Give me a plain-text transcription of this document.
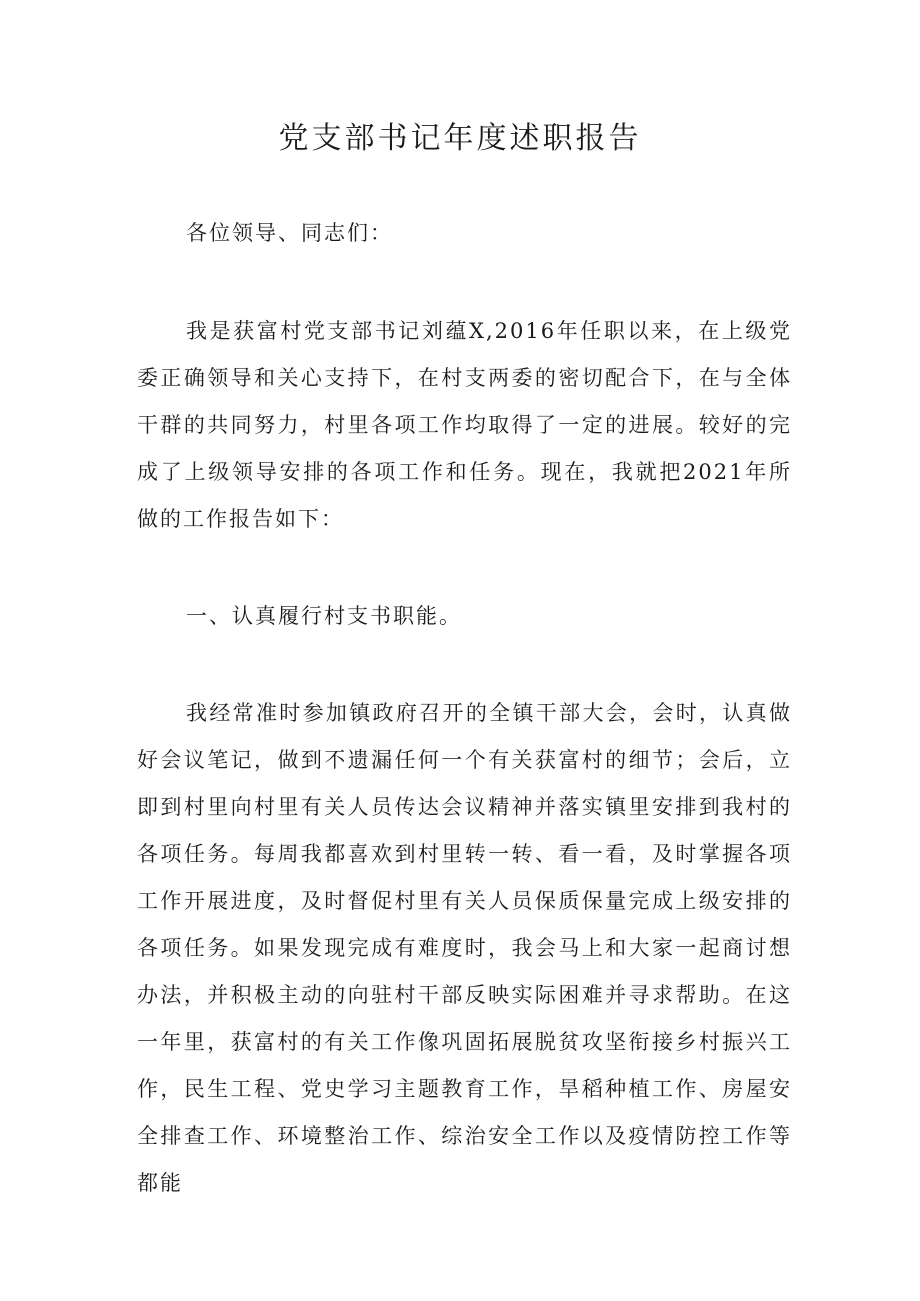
党支部书记年度述职报告

各位领导、同志们：

我是获富村党支部书记刘蕴X,2016年任职以来，在上级党委正确领导和关心支持下，在村支两委的密切配合下，在与全体干群的共同努力，村里各项工作均取得了一定的进展。较好的完成了上级领导安排的各项工作和任务。现在，我就把2021年所做的工作报告如下：

一、认真履行村支书职能。

我经常准时参加镇政府召开的全镇干部大会，会时，认真做好会议笔记，做到不遗漏任何一个有关获富村的细节；会后，立即到村里向村里有关人员传达会议精神并落实镇里安排到我村的各项任务。每周我都喜欢到村里转一转、看一看，及时掌握各项工作开展进度，及时督促村里有关人员保质保量完成上级安排的各项任务。如果发现完成有难度时，我会马上和大家一起商讨想办法，并积极主动的向驻村干部反映实际困难并寻求帮助。在这一年里，获富村的有关工作像巩固拓展脱贫攻坚衔接乡村振兴工作，民生工程、党史学习主题教育工作，旱稻种植工作、房屋安全排查工作、环境整治工作、综治安全工作以及疫情防控工作等都能
